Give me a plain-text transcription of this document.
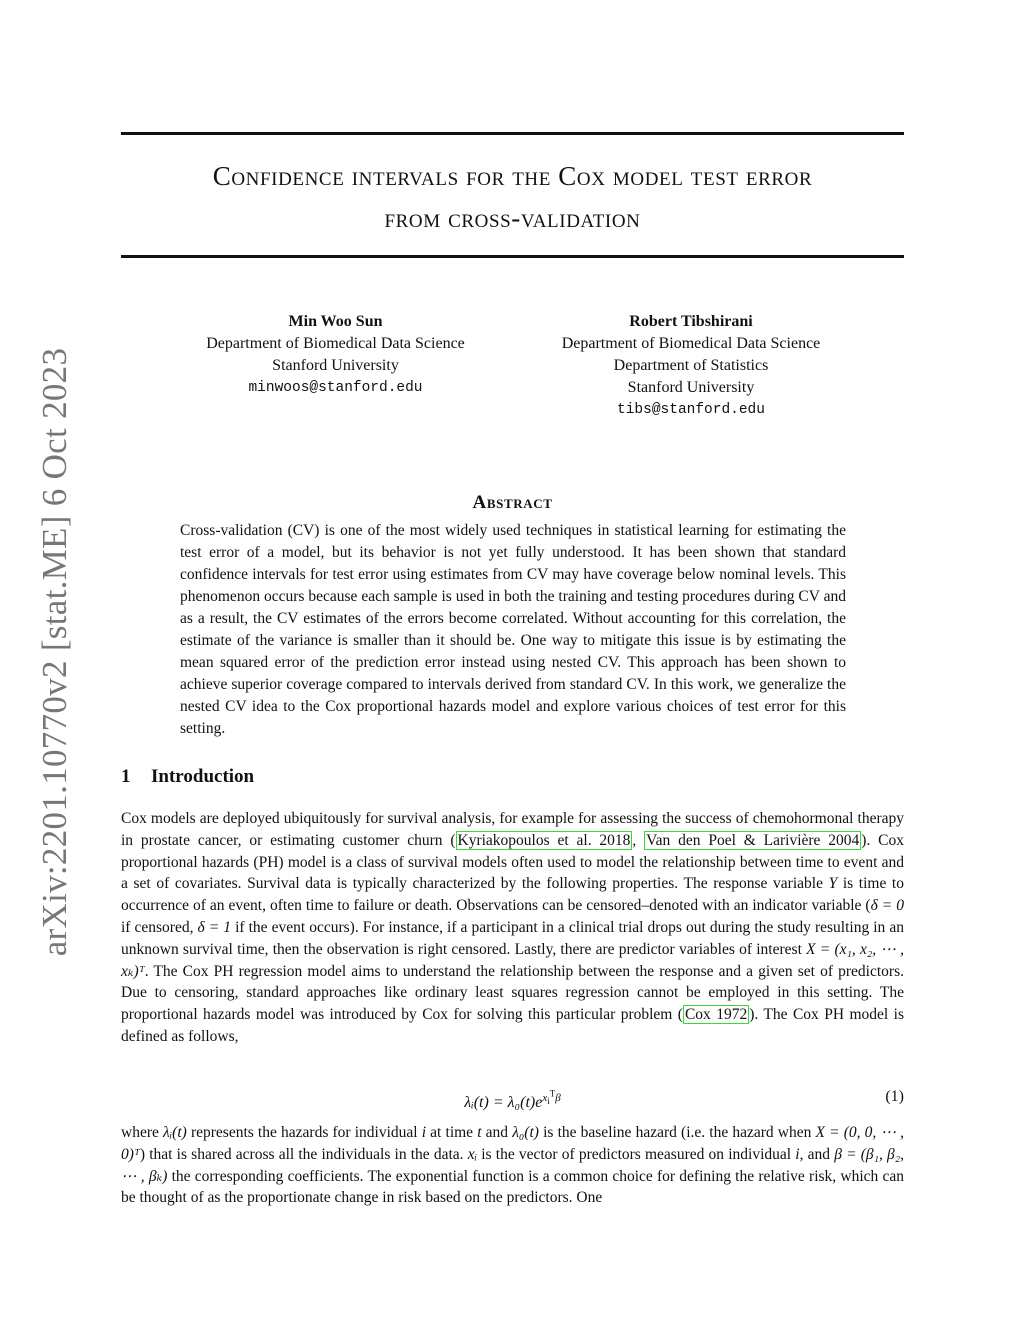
arXiv:2201.10770v2 [stat.ME] 6 Oct 2023
Confidence intervals for the Cox model test error
from cross-validation
Min Woo Sun
Department of Biomedical Data Science
Stanford University
minwoos@stanford.edu
Robert Tibshirani
Department of Biomedical Data Science
Department of Statistics
Stanford University
tibs@stanford.edu
Abstract
Cross-validation (CV) is one of the most widely used techniques in statistical learning for estimating the test error of a model, but its behavior is not yet fully understood. It has been shown that standard confidence intervals for test error using estimates from CV may have coverage below nominal levels. This phenomenon occurs because each sample is used in both the training and testing procedures during CV and as a result, the CV estimates of the errors become correlated. Without accounting for this correlation, the estimate of the variance is smaller than it should be. One way to mitigate this issue is by estimating the mean squared error of the prediction error instead using nested CV. This approach has been shown to achieve superior coverage compared to intervals derived from standard CV. In this work, we generalize the nested CV idea to the Cox proportional hazards model and explore various choices of test error for this setting.
1 Introduction
Cox models are deployed ubiquitously for survival analysis, for example for assessing the success of chemohormonal therapy in prostate cancer, or estimating customer churn ( Kyriakopoulos et al. 2018 , Van den Poel & Larivière 2004 ). Cox proportional hazards (PH) model is a class of survival models often used to model the relationship between time to event and a set of covariates. Survival data is typically characterized by the following properties. The response variable Y is time to occurrence of an event, often time to failure or death. Observations can be censored–denoted with an indicator variable (δ = 0 if censored, δ = 1 if the event occurs). For instance, if a participant in a clinical trial drops out during the study resulting in an unknown survival time, then the observation is right censored. Lastly, there are predictor variables of interest X = (x₁, x₂, ⋯ , xₖ)ᵀ. The Cox PH regression model aims to understand the relationship between the response and a given set of predictors. Due to censoring, standard approaches like ordinary least squares regression cannot be employed in this setting. The proportional hazards model was introduced by Cox for solving this particular problem ( Cox 1972 ). The Cox PH model is defined as follows,
λᵢ(t) = $\lambda_0(t)e^{x_i^T\beta}$	(1)
where λᵢ(t) represents the hazards for individual i at time t and λ₀(t) is the baseline hazard (i.e. the hazard when X = (0, 0, ⋯ , 0)ᵀ) that is shared across all the individuals in the data. xᵢ is the vector of predictors measured on individual i, and β = (β₁, β₂, ⋯ , βₖ) the corresponding coefficients. The exponential function is a common choice for defining the relative risk, which can be thought of as the proportionate change in risk based on the predictors. One
